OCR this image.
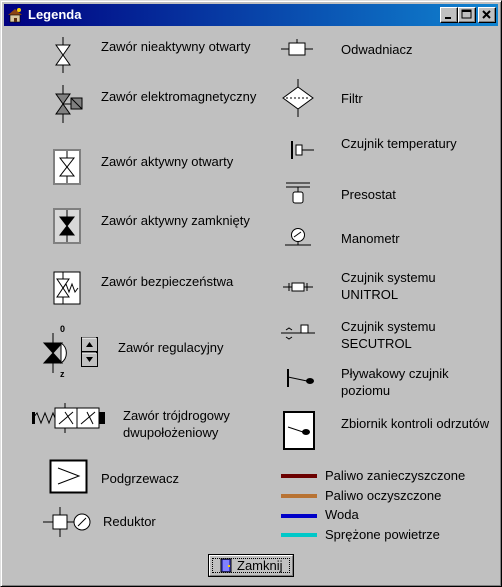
Legenda
Zawór nieaktywny otwarty
Zawór elektromagnetyczny
Zawór aktywny otwarty
Zawór aktywny zamknięty
Zawór bezpieczeństwa
0
z
Zawór regulacyjny
Zawór trójdrogowy dwupołożeniowy
Podgrzewacz
Reduktor
Odwadniacz
Filtr
Czujnik temperatury
Presostat
Manometr
Czujnik systemu UNITROL
Czujnik systemu SECUTROL
Pływakowy czujnik poziomu
Zbiornik kontroli odrzutów
Paliwo zanieczyszczone
Paliwo oczyszczone
Woda
Sprężone powietrze
Zamknij
